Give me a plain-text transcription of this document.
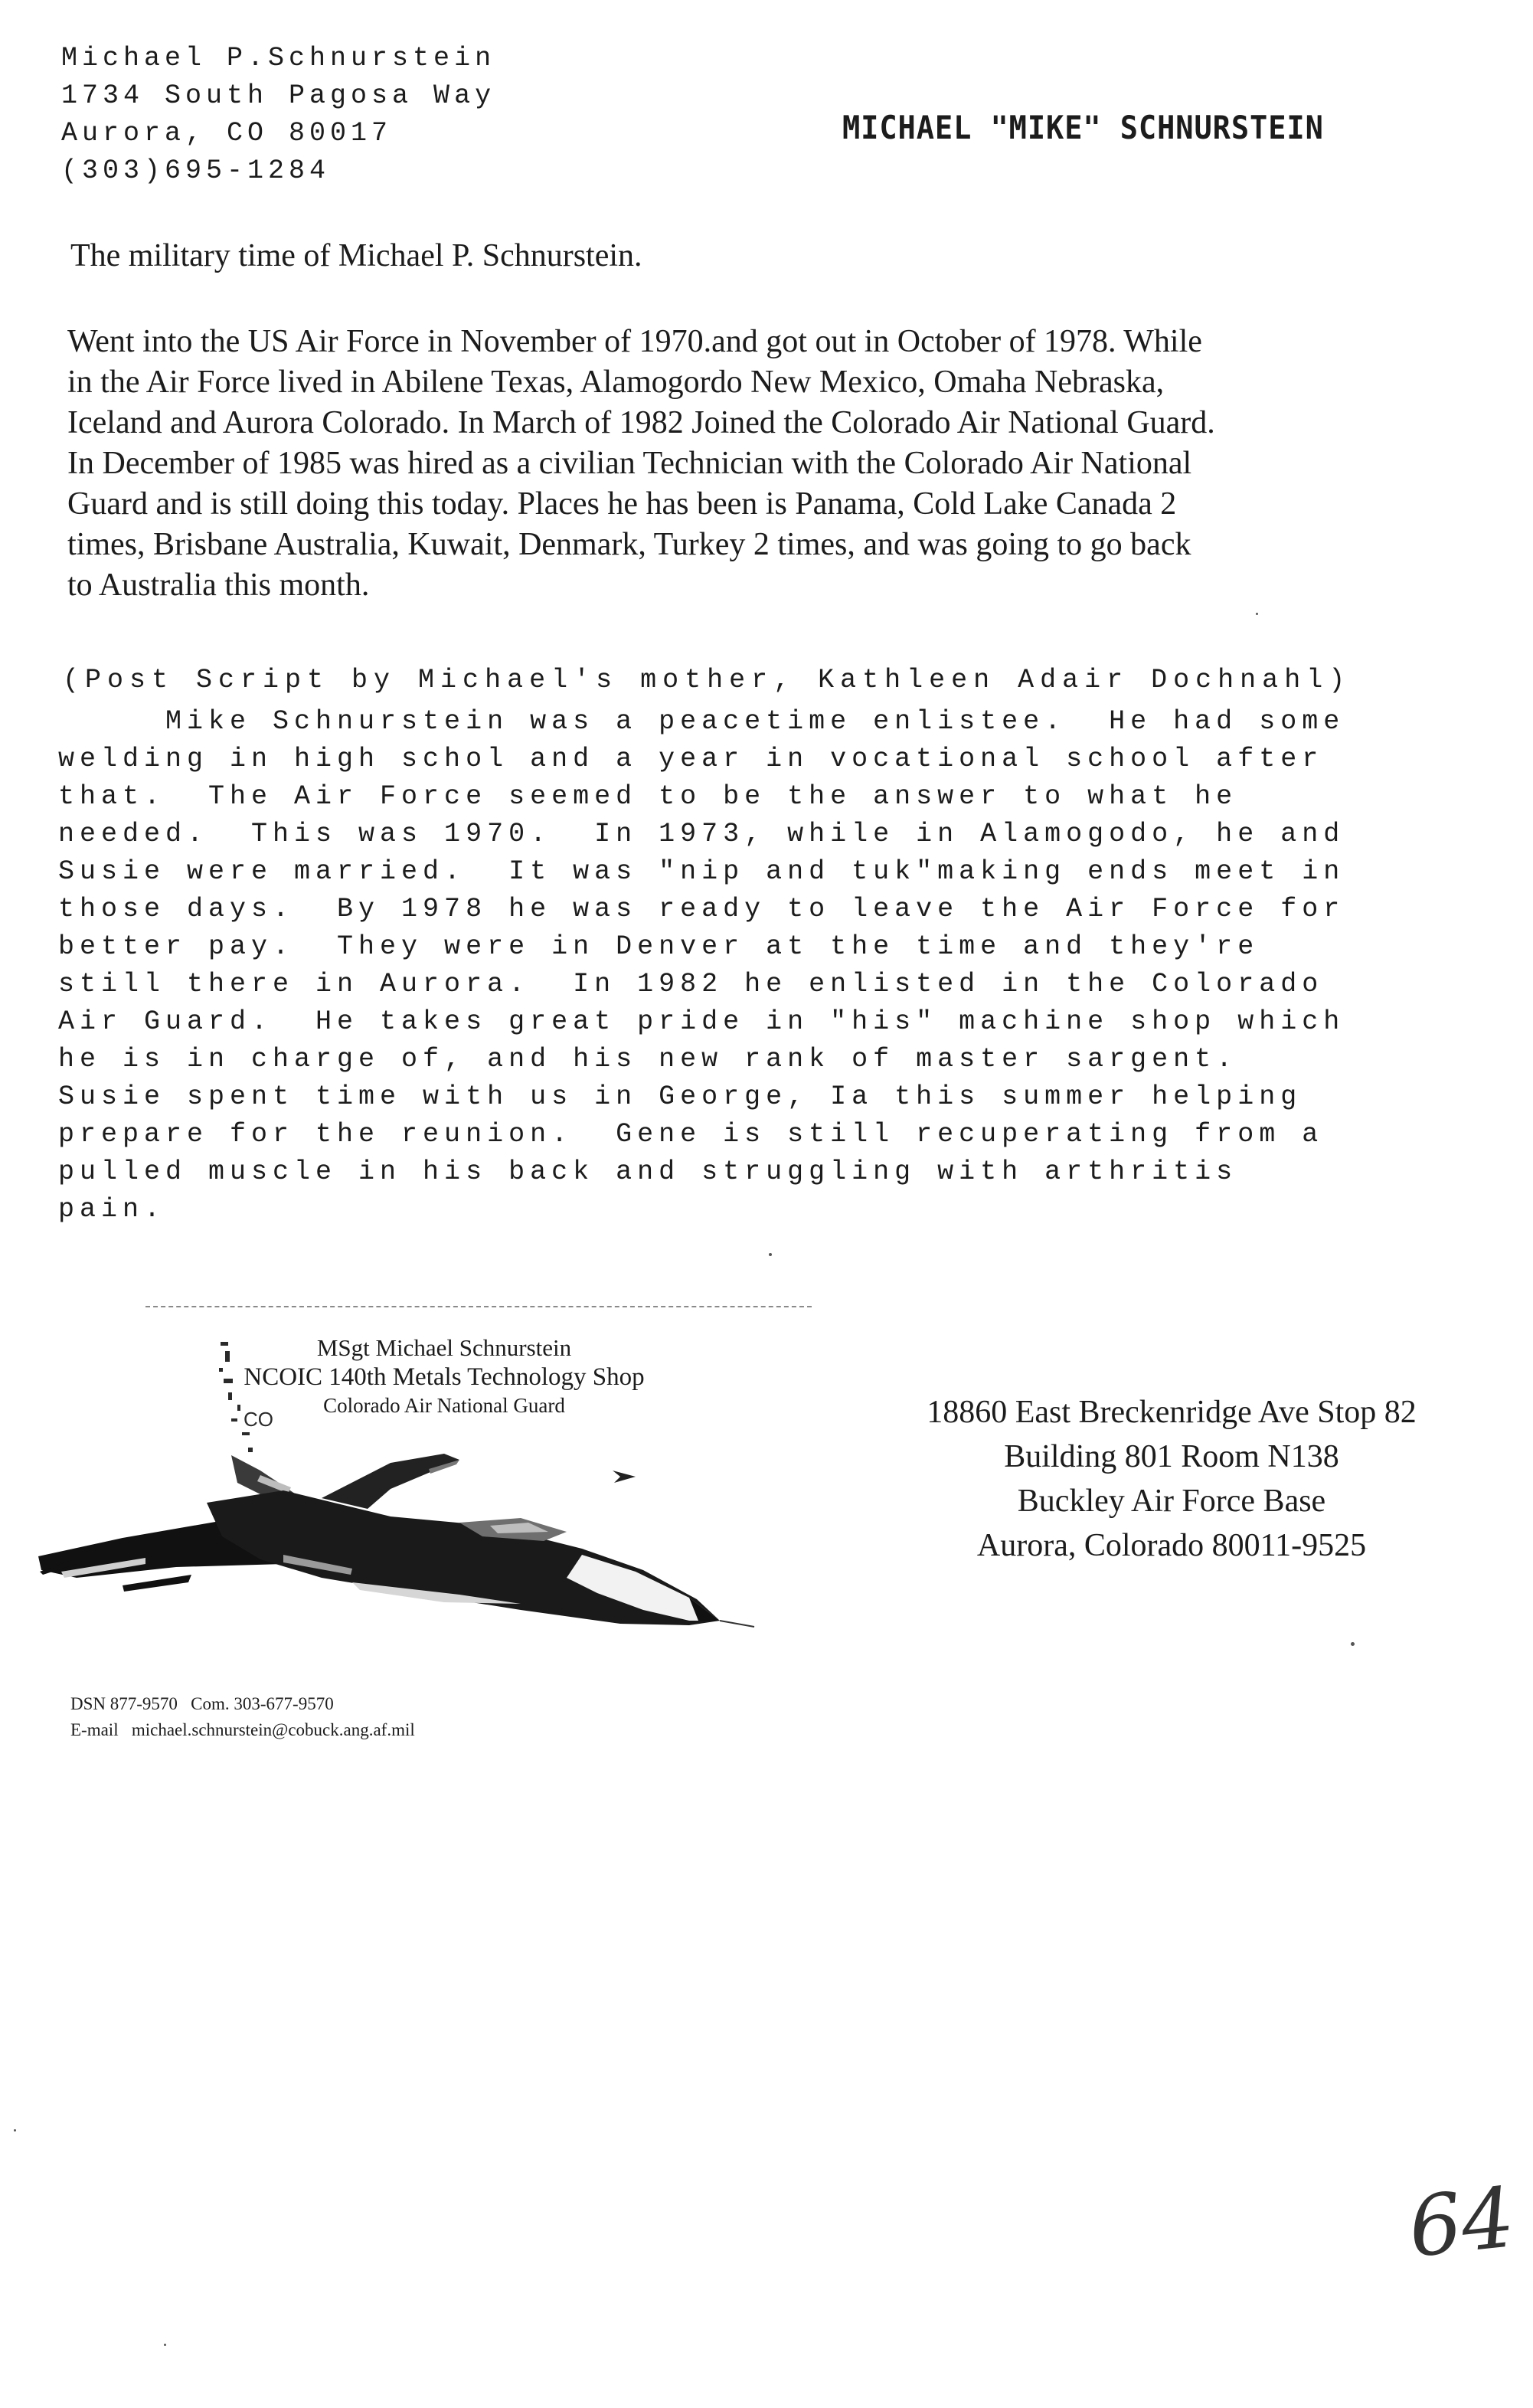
Michael P.Schnurstein
1734 South Pagosa Way
Aurora, CO 80017
(303)695-1284
MICHAEL "MIKE" SCHNURSTEIN
The military time of Michael P. Schnurstein.
Went into the US Air Force in November of 1970.and got out in October of 1978. While
in the Air Force lived in Abilene Texas, Alamogordo New Mexico, Omaha Nebraska,
Iceland and Aurora Colorado. In March of 1982 Joined the Colorado Air National Guard.
In December of 1985 was hired as a civilian Technician with the Colorado Air National
Guard and is still doing this today. Places he has been is Panama, Cold Lake Canada 2
times, Brisbane Australia, Kuwait, Denmark, Turkey 2 times, and was going to go back
to Australia this month.
(Post Script by Michael's mother, Kathleen Adair Dochnahl)
Mike Schnurstein was a peacetime enlistee.  He had some
welding in high schol and a year in vocational school after
that.  The Air Force seemed to be the answer to what he
needed.  This was 1970.  In 1973, while in Alamogodo, he and
Susie were married.  It was "nip and tuk"making ends meet in
those days.  By 1978 he was ready to leave the Air Force for
better pay.  They were in Denver at the time and they're
still there in Aurora.  In 1982 he enlisted in the Colorado
Air Guard.  He takes great pride in "his" machine shop which
he is in charge of, and his new rank of master sargent.
Susie spent time with us in George, Ia this summer helping
prepare for the reunion.  Gene is still recuperating from a
pulled muscle in his back and struggling with arthritis
pain.
CO
MSgt Michael Schnurstein
NCOIC 140th Metals Technology Shop
Colorado Air National Guard
DSN 877-9570   Com. 303-677-9570
E-mail   michael.schnurstein@cobuck.ang.af.mil
18860 East Breckenridge Ave Stop 82
Building 801 Room N138
Buckley Air Force Base
Aurora, Colorado 80011-9525
64
